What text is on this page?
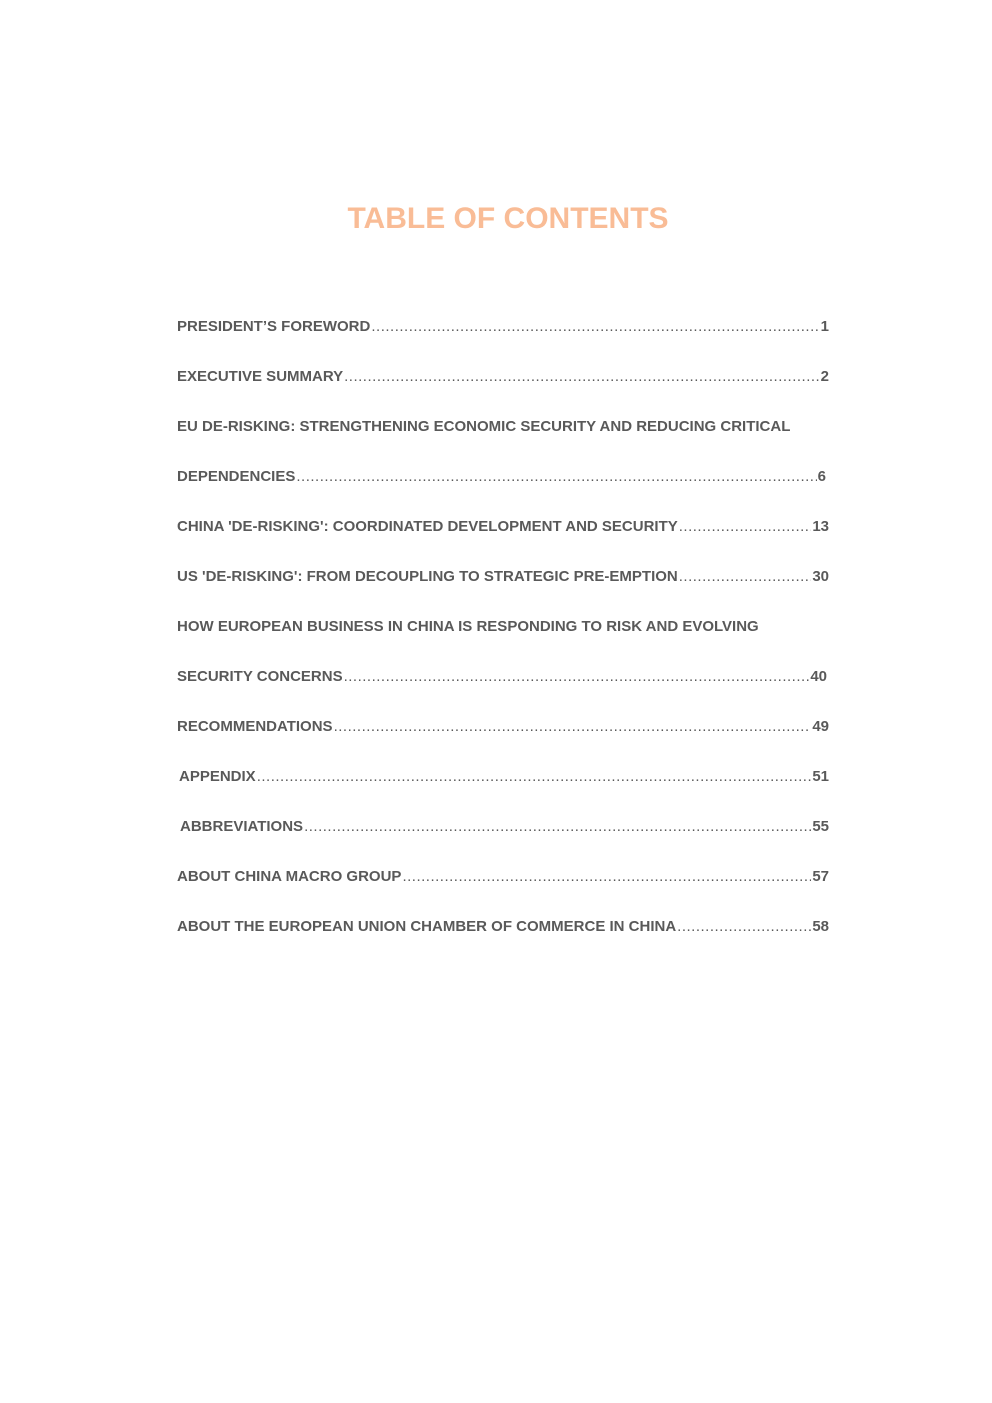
TABLE OF CONTENTS
PRESIDENT’S FOREWORD .....	1
EXECUTIVE SUMMARY .....	2
EU DE-RISKING: STRENGTHENING ECONOMIC SECURITY AND REDUCING CRITICAL
DEPENDENCIES .....	6
CHINA 'DE-RISKING': COORDINATED DEVELOPMENT AND SECURITY .....	13
US 'DE-RISKING': FROM DECOUPLING TO STRATEGIC PRE-EMPTION .....	30
HOW EUROPEAN BUSINESS IN CHINA IS RESPONDING TO RISK AND EVOLVING
SECURITY CONCERNS .....	40
RECOMMENDATIONS .....	49
APPENDIX .....	51
ABBREVIATIONS .....	55
ABOUT CHINA MACRO GROUP .....	57
ABOUT THE EUROPEAN UNION CHAMBER OF COMMERCE IN CHINA .....	58
